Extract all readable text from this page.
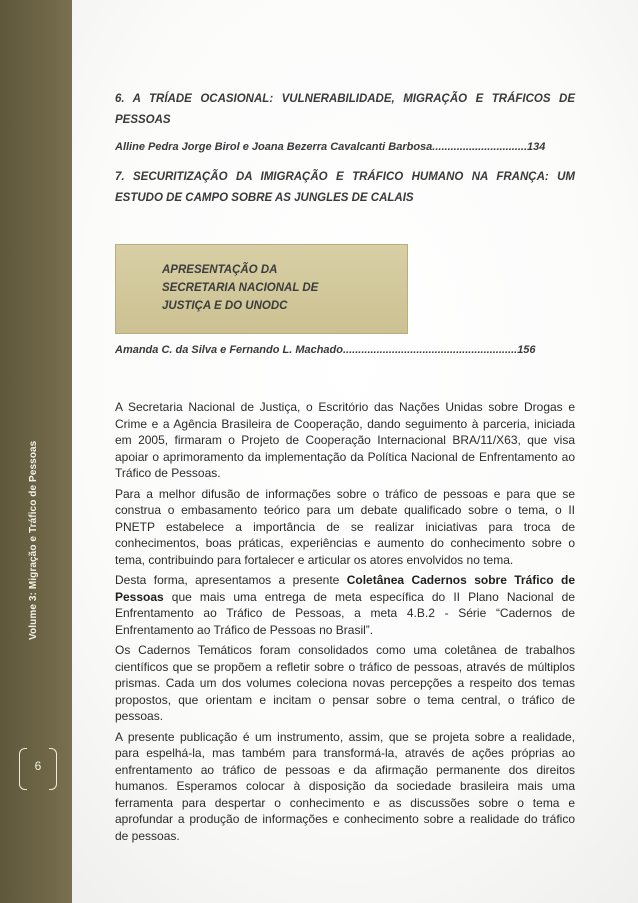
Volume 3: Migração e Tráfico de Pessoas
6
6. A TRÍADE OCASIONAL: VULNERABILIDADE, MIGRAÇÃO E TRÁFICOS DE
PESSOAS
Alline Pedra Jorge Birol e Joana Bezerra Cavalcanti Barbosa...............................134
7. SECURITIZAÇÃO DA IMIGRAÇÃO E TRÁFICO HUMANO NA FRANÇA: UM
ESTUDO DE CAMPO SOBRE AS JUNGLES DE CALAIS
APRESENTAÇÃO DA
SECRETARIA NACIONAL DE
JUSTIÇA E DO UNODC
Amanda C. da Silva e Fernando L. Machado.........................................................156

A Secretaria Nacional de Justiça, o Escritório das Nações Unidas sobre Drogas e Crime e a Agência Brasileira de Cooperação, dando seguimento à parceria, iniciada em 2005, firmaram o Projeto de Cooperação Internacional BRA/11/X63, que visa apoiar o aprimoramento da implementação da Política Nacional de Enfrentamento ao Tráfico de Pessoas.

Para a melhor difusão de informações sobre o tráfico de pessoas e para que se construa o embasamento teórico para um debate qualificado sobre o tema, o II PNETP estabelece a importância de se realizar iniciativas para troca de conhecimentos, boas práticas, experiências e aumento do conhecimento sobre o tema, contribuindo para fortalecer e articular os atores envolvidos no tema.

Desta forma, apresentamos a presente Coletânea Cadernos sobre Tráfico de Pessoas que mais uma entrega de meta específica do II Plano Nacional de Enfrentamento ao Tráfico de Pessoas, a meta 4.B.2 - Série “Cadernos de Enfrentamento ao Tráfico de Pessoas no Brasil”.

Os Cadernos Temáticos foram consolidados como uma coletânea de trabalhos científicos que se propõem a refletir sobre o tráfico de pessoas, através de múltiplos prismas. Cada um dos volumes coleciona novas percepções a respeito dos temas propostos, que orientam e incitam o pensar sobre o tema central, o tráfico de pessoas.

A presente publicação é um instrumento, assim, que se projeta sobre a realidade, para espelhá-la, mas também para transformá-la, através de ações próprias ao enfrentamento ao tráfico de pessoas e da afirmação permanente dos direitos humanos. Esperamos colocar à disposição da sociedade brasileira mais uma ferramenta para despertar o conhecimento e as discussões sobre o tema e aprofundar a produção de informações e conhecimento sobre a realidade do tráfico de pessoas.
